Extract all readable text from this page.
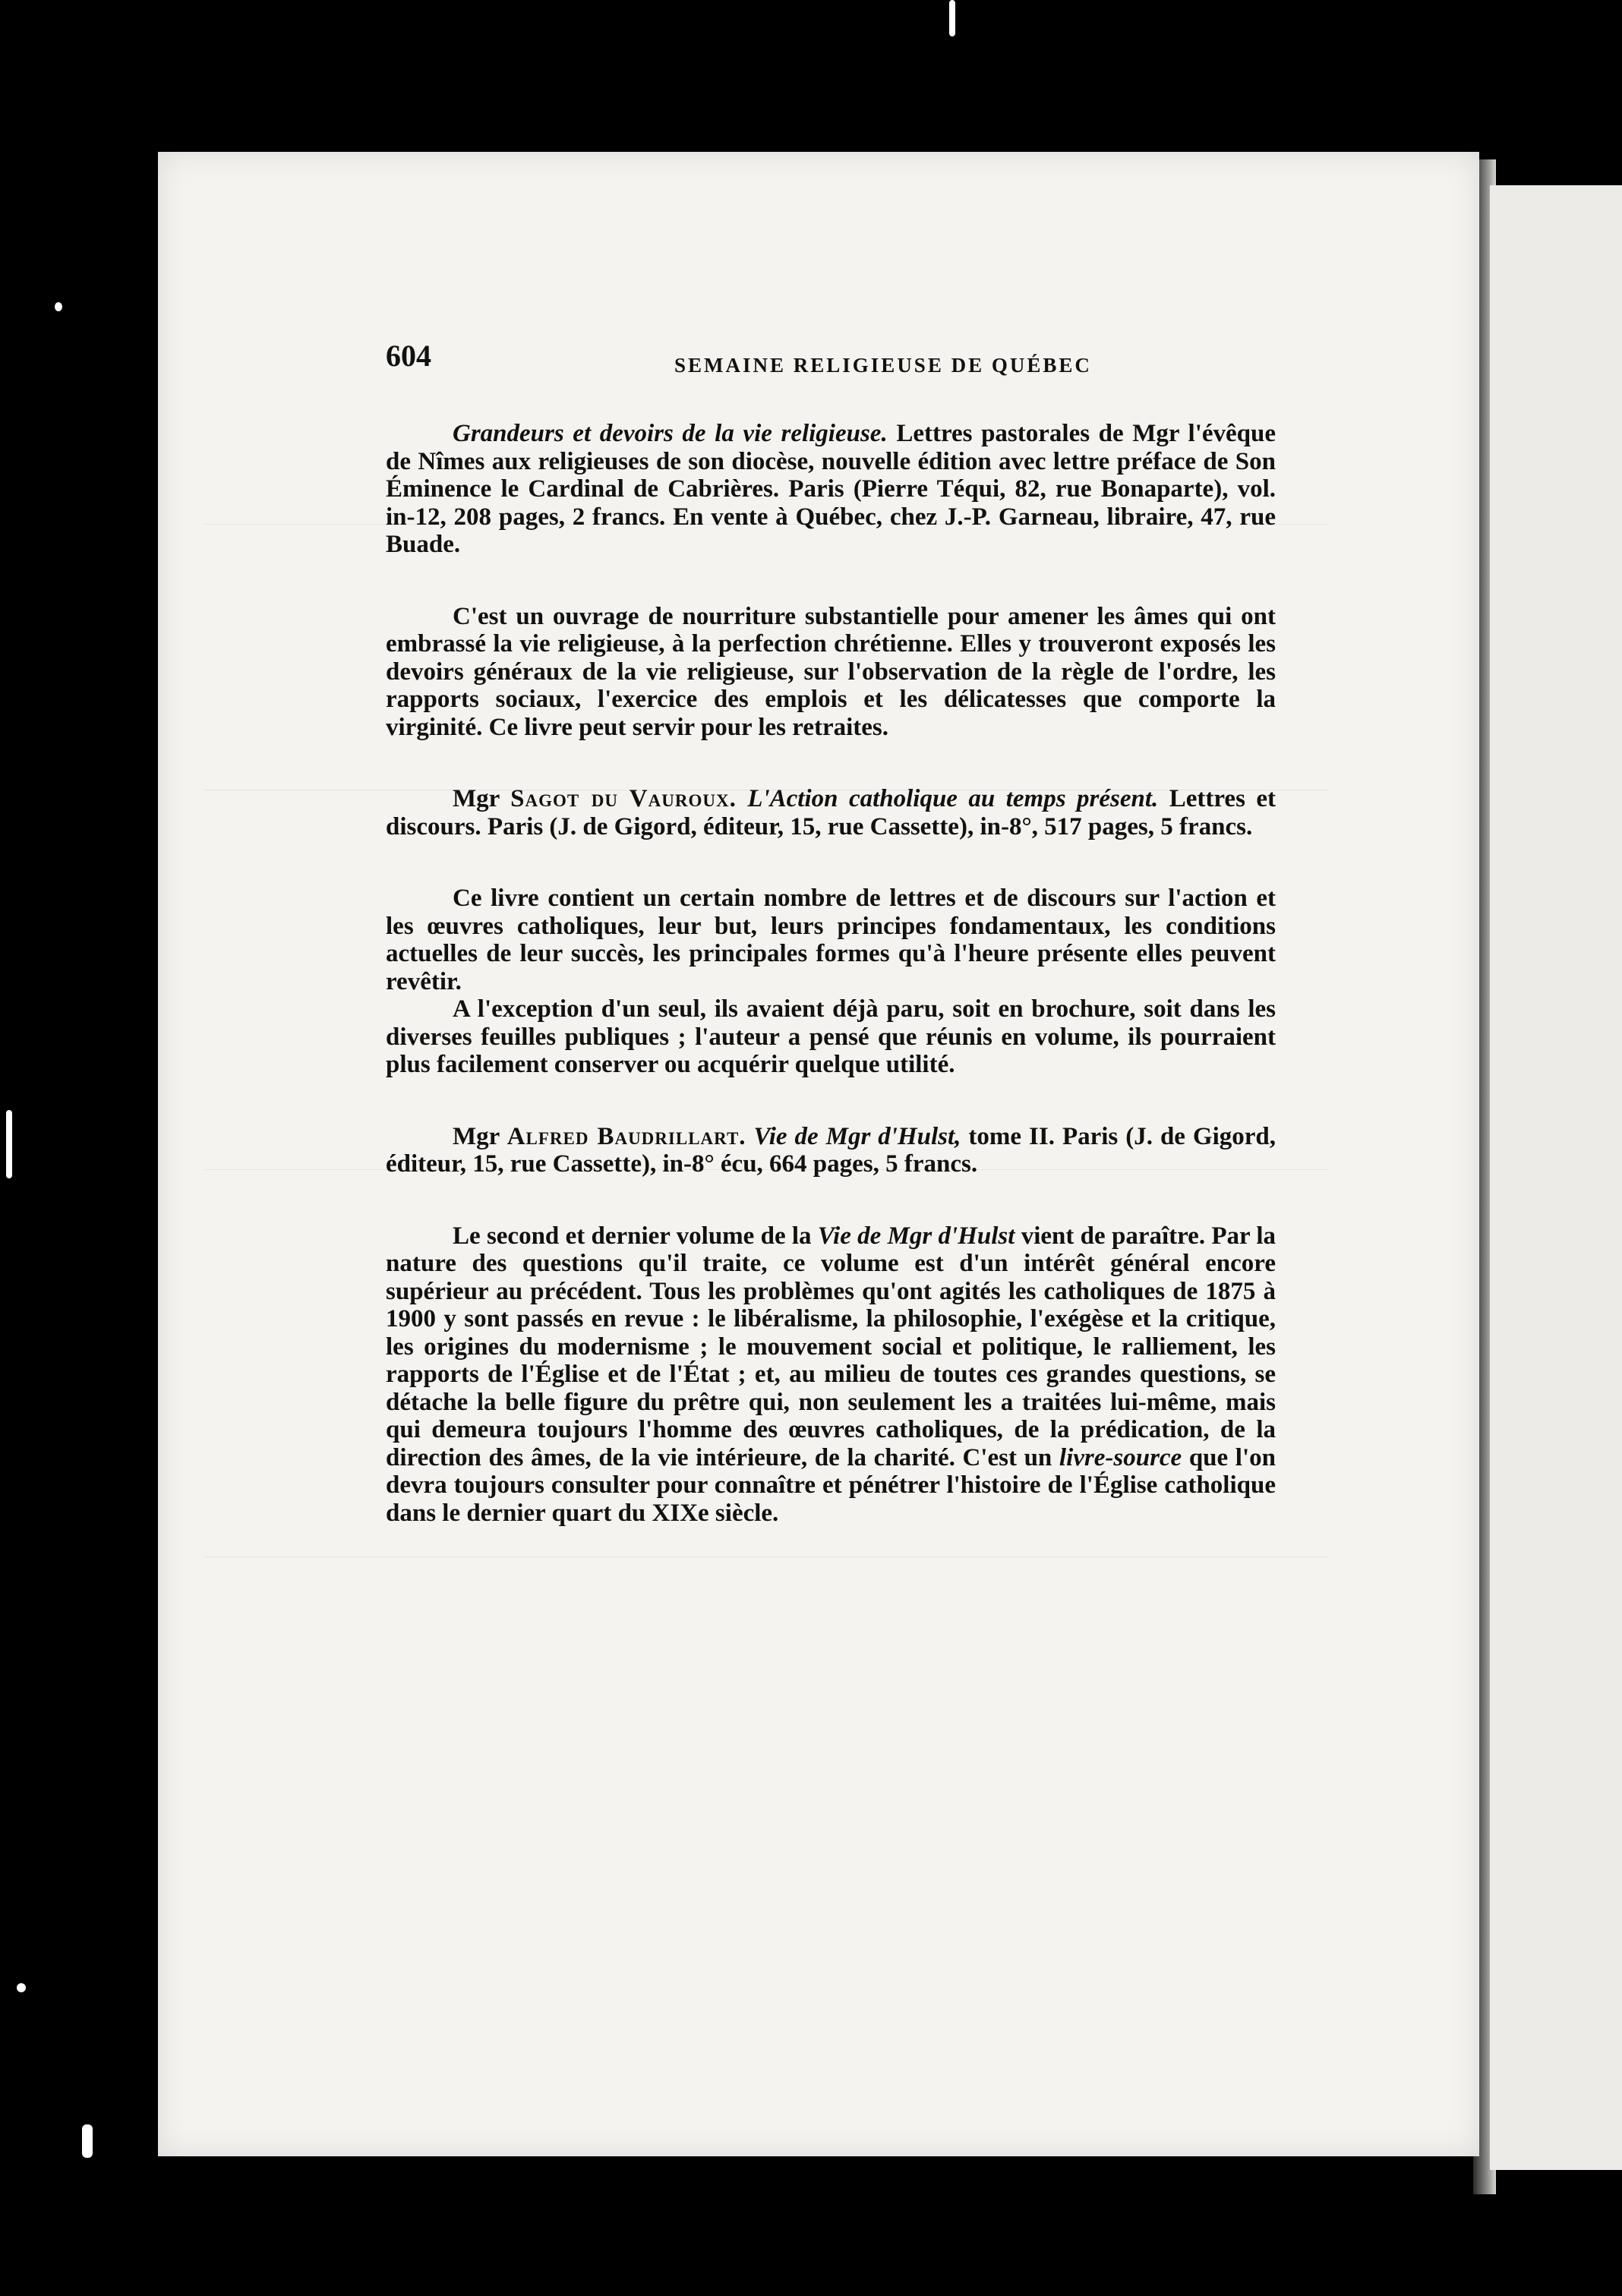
604	SEMAINE RELIGIEUSE DE QUÉBEC

Grandeurs et devoirs de la vie religieuse. Lettres pastorales de Mgr l'évêque de Nîmes aux religieuses de son diocèse, nouvelle édition avec lettre préface de Son Éminence le Cardinal de Cabrières. Paris (Pierre Téqui, 82, rue Bonaparte), vol. in-12, 208 pages, 2 francs. En vente à Québec, chez J.-P. Garneau, libraire, 47, rue Buade.

C'est un ouvrage de nourriture substantielle pour amener les âmes qui ont embrassé la vie religieuse, à la perfection chrétienne. Elles y trouveront exposés les devoirs généraux de la vie religieuse, sur l'observation de la règle de l'ordre, les rapports sociaux, l'exercice des emplois et les délicatesses que comporte la virginité. Ce livre peut servir pour les retraites.

Mgr Sagot du Vauroux. L'Action catholique au temps présent. Lettres et discours. Paris (J. de Gigord, éditeur, 15, rue Cassette), in-8°, 517 pages, 5 francs.

Ce livre contient un certain nombre de lettres et de discours sur l'action et les œuvres catholiques, leur but, leurs principes fondamentaux, les conditions actuelles de leur succès, les principales formes qu'à l'heure présente elles peuvent revêtir.

A l'exception d'un seul, ils avaient déjà paru, soit en brochure, soit dans les diverses feuilles publiques ; l'auteur a pensé que réunis en volume, ils pourraient plus facilement conserver ou acquérir quelque utilité.

Mgr Alfred Baudrillart. Vie de Mgr d'Hulst, tome II. Paris (J. de Gigord, éditeur, 15, rue Cassette), in-8° écu, 664 pages, 5 francs.

Le second et dernier volume de la Vie de Mgr d'Hulst vient de paraître. Par la nature des questions qu'il traite, ce volume est d'un intérêt général encore supérieur au précédent. Tous les problèmes qu'ont agités les catholiques de 1875 à 1900 y sont passés en revue : le libéralisme, la philosophie, l'exégèse et la critique, les origines du modernisme ; le mouvement social et politique, le ralliement, les rapports de l'Église et de l'État ; et, au milieu de toutes ces grandes questions, se détache la belle figure du prêtre qui, non seulement les a traitées lui-même, mais qui demeura toujours l'homme des œuvres catholiques, de la prédication, de la direction des âmes, de la vie intérieure, de la charité. C'est un livre-source que l'on devra toujours consulter pour connaître et pénétrer l'histoire de l'Église catholique dans le dernier quart du XIXe siècle.
